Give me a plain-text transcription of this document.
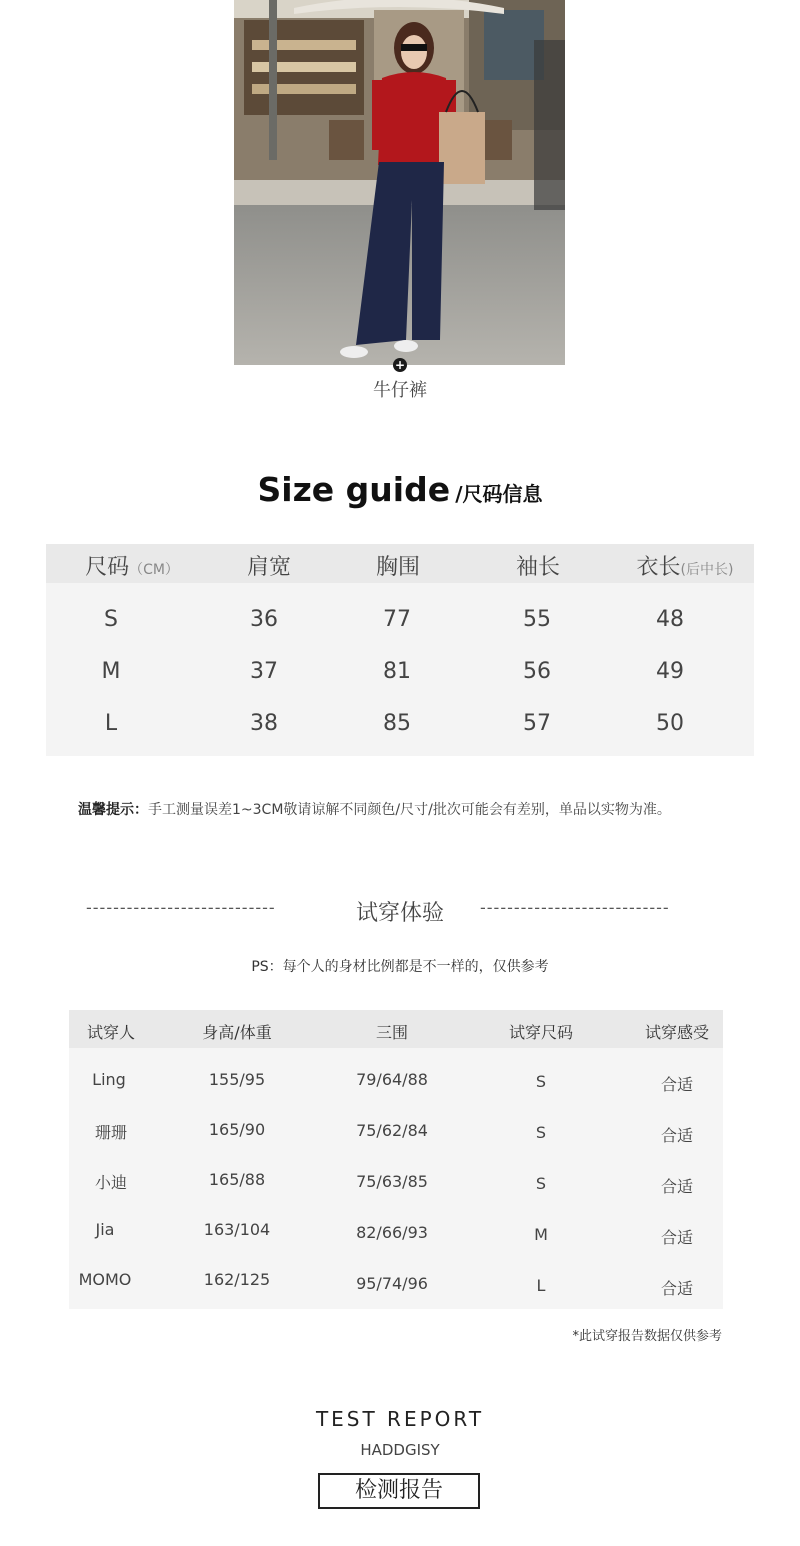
+
牛仔裤
Size guide /尺码信息
尺码（CM）	肩宽	胸围	袖长	衣长(后中长)
S	36	77	55	48
M	37	81	56	49
L	38	85	57	50
温馨提示：手工测量误差1~3CM敬请谅解不同颜色/尺寸/批次可能会有差别，单品以实物为准。
----------------------------	试穿体验	----------------------------
PS：每个人的身材比例都是不一样的，仅供参考
试穿人	身高/体重	三围	试穿尺码	试穿感受
Ling	155/95	79/64/88	S	合适
珊珊	165/90	75/62/84	S	合适
小迪	165/88	75/63/85	S	合适
Jia	163/104	82/66/93	M	合适
MOMO	162/125	95/74/96	L	合适
*此试穿报告数据仅供参考
TEST REPORT
HADDGISY
检测报告
